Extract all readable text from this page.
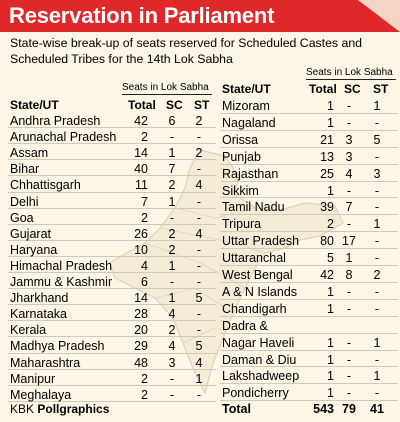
Reservation in Parliament
State-wise break-up of seats reserved for Scheduled Castes and Scheduled Tribes for the 14th Lok Sabha
Seats in Lok Sabha
State/UT	Total SC ST
Seats in Lok Sabha
State/UT	Total SC ST
Andhra Pradesh	42	6	2
Arunachal Pradesh	2	-	-
Assam	14	1	2
Bihar	40	7	-
Chhattisgarh	11	2	4
Delhi	7	1	-
Goa	2	-	-
Gujarat	26	2	4
Haryana	10	2	-
Himachal Pradesh	4	1	-
Jammu & Kashmir	6	-	-
Jharkhand	14	1	5
Karnataka	28	4	-
Kerala	20	2	-
Madhya Pradesh	29	4	5
Maharashtra	48	3	4
Manipur	2	-	1
Meghalaya	2	-	-
Mizoram	1	-	1
Nagaland	1	-	-
Orissa	21 3	5
Punjab	13 3	-
Rajasthan	25 4	3
Sikkim	1	-	-
Tamil Nadu	39 7	-
Tripura	2	-	1
Uttar Pradesh	80 17	-
Uttaranchal	5 1	-
West Bengal	42 8	2
A & N Islands	1	-	-
Chandigarh	1	-	-
Dadra &
Nagar Haveli	1	-	1
Daman & Diu	1	-	-
Lakshadweep	1	-	1
Pondicherry	1	-	-
Total	543 79 41
KBK Pollgraphics
